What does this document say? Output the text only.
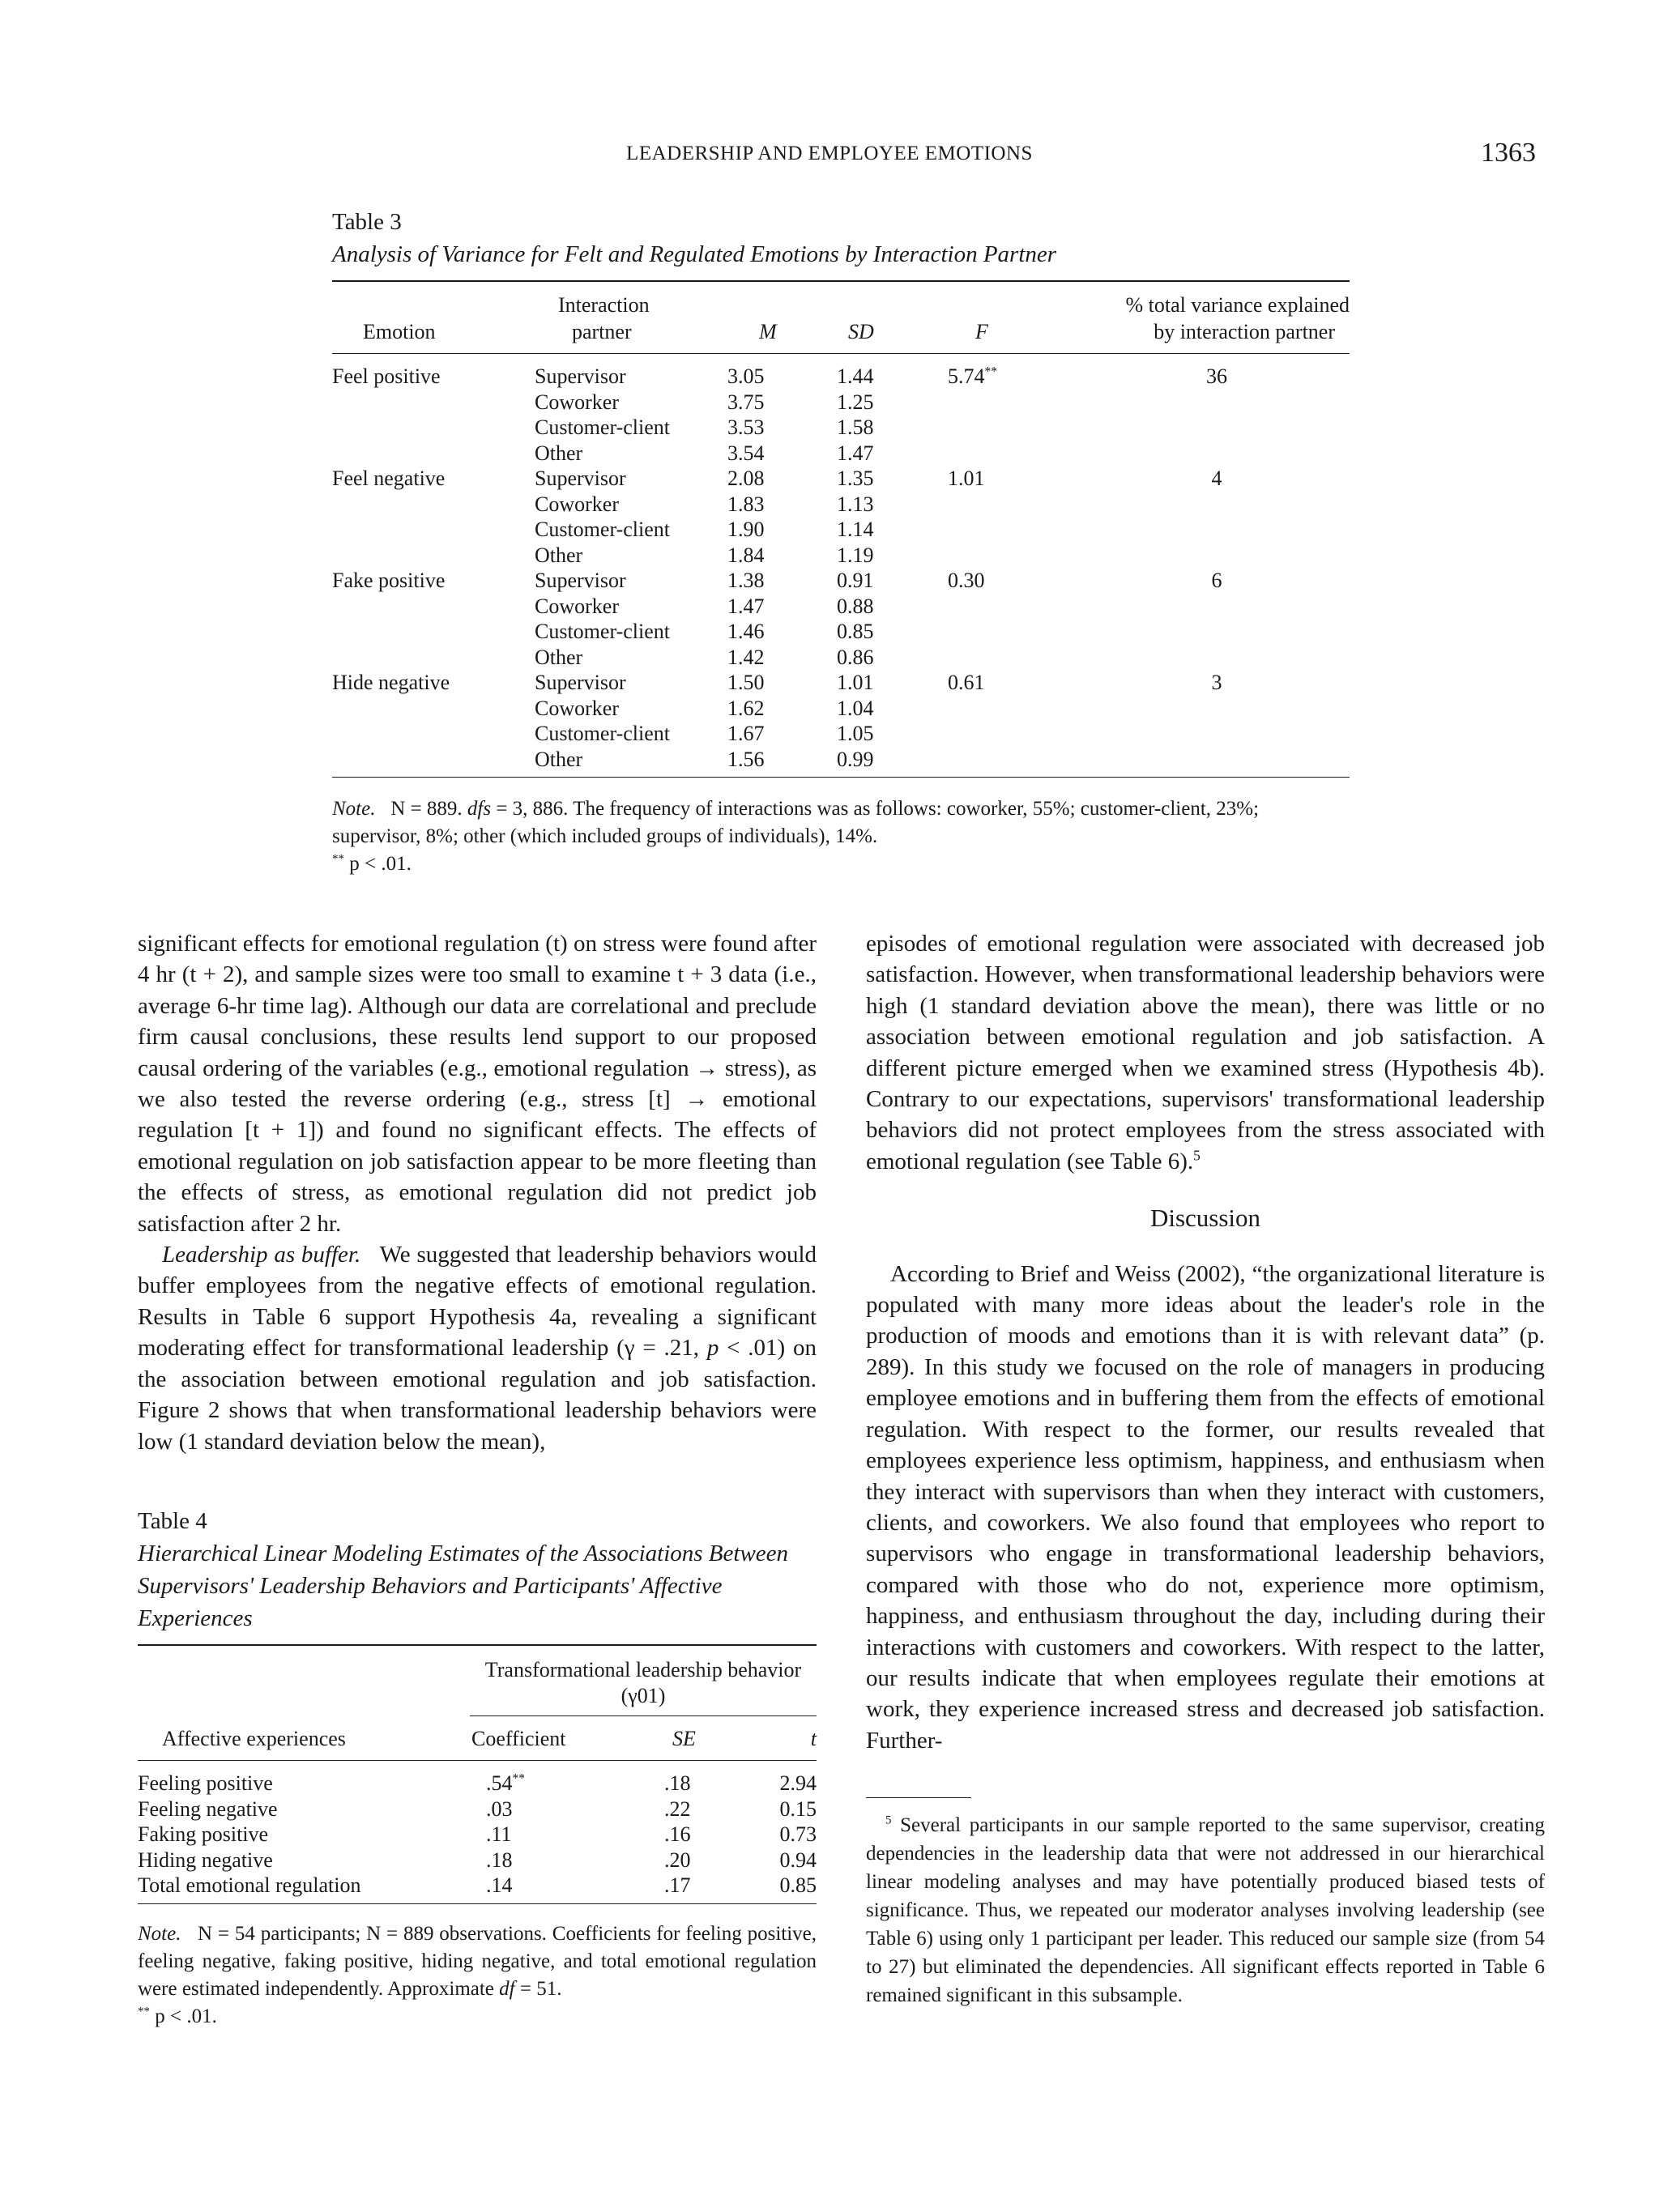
LEADERSHIP AND EMPLOYEE EMOTIONS	1363
Table 3
Analysis of Variance for Felt and Regulated Emotions by Interaction Partner
	Interaction				% total variance explained
Emotion	partner	M	SD	F	by interaction partner
Feel positive	Supervisor	3.05	1.44	5.74**	36
	Coworker	3.75	1.25		
	Customer-client	3.53	1.58		
	Other	3.54	1.47		
Feel negative	Supervisor	2.08	1.35	1.01	4
	Coworker	1.83	1.13		
	Customer-client	1.90	1.14		
	Other	1.84	1.19		
Fake positive	Supervisor	1.38	0.91	0.30	6
	Coworker	1.47	0.88		
	Customer-client	1.46	0.85		
	Other	1.42	0.86		
Hide negative	Supervisor	1.50	1.01	0.61	3
	Coworker	1.62	1.04		
	Customer-client	1.67	1.05		
	Other	1.56	0.99		
Note. N = 889. dfs = 3, 886. The frequency of interactions was as follows: coworker, 55%; customer-client, 23%; supervisor, 8%; other (which included groups of individuals), 14%.
** p < .01.

significant effects for emotional regulation (t) on stress were found after 4 hr (t + 2), and sample sizes were too small to examine t + 3 data (i.e., average 6-hr time lag). Although our data are correlational and preclude firm causal conclusions, these results lend support to our proposed causal ordering of the variables (e.g., emotional regulation → stress), as we also tested the reverse ordering (e.g., stress [t] → emotional regulation [t + 1]) and found no significant effects. The effects of emotional regulation on job satisfaction appear to be more fleeting than the effects of stress, as emotional regulation did not predict job satisfaction after 2 hr.

Leadership as buffer. We suggested that leadership behaviors would buffer employees from the negative effects of emotional regulation. Results in Table 6 support Hypothesis 4a, revealing a significant moderating effect for transformational leadership (γ = .21, p < .01) on the association between emotional regulation and job satisfaction. Figure 2 shows that when transformational leadership behaviors were low (1 standard deviation below the mean),

Table 4
Hierarchical Linear Modeling Estimates of the Associations Between Supervisors' Leadership Behaviors and Participants' Affective Experiences
	Transformational leadership behavior
	(γ01)
Affective experiences	Coefficient	SE	t
Feeling positive	.54**	.18	2.94
Feeling negative	.03	.22	0.15
Faking positive	.11	.16	0.73
Hiding negative	.18	.20	0.94
Total emotional regulation	.14	.17	0.85
Note. N = 54 participants; N = 889 observations. Coefficients for feeling positive, feeling negative, faking positive, hiding negative, and total emotional regulation were estimated independently. Approximate df = 51.
** p < .01.

episodes of emotional regulation were associated with decreased job satisfaction. However, when transformational leadership behaviors were high (1 standard deviation above the mean), there was little or no association between emotional regulation and job satisfaction. A different picture emerged when we examined stress (Hypothesis 4b). Contrary to our expectations, supervisors' transformational leadership behaviors did not protect employees from the stress associated with emotional regulation (see Table 6).$^5$

Discussion

According to Brief and Weiss (2002), “the organizational literature is populated with many more ideas about the leader's role in the production of moods and emotions than it is with relevant data” (p. 289). In this study we focused on the role of managers in producing employee emotions and in buffering them from the effects of emotional regulation. With respect to the former, our results revealed that employees experience less optimism, happiness, and enthusiasm when they interact with supervisors than when they interact with customers, clients, and coworkers. We also found that employees who report to supervisors who engage in transformational leadership behaviors, compared with those who do not, experience more optimism, happiness, and enthusiasm throughout the day, including during their interactions with customers and coworkers. With respect to the latter, our results indicate that when employees regulate their emotions at work, they experience increased stress and decreased job satisfaction. Further-

$^5$ Several participants in our sample reported to the same supervisor, creating dependencies in the leadership data that were not addressed in our hierarchical linear modeling analyses and may have potentially produced biased tests of significance. Thus, we repeated our moderator analyses involving leadership (see Table 6) using only 1 participant per leader. This reduced our sample size (from 54 to 27) but eliminated the dependencies. All significant effects reported in Table 6 remained significant in this subsample.
